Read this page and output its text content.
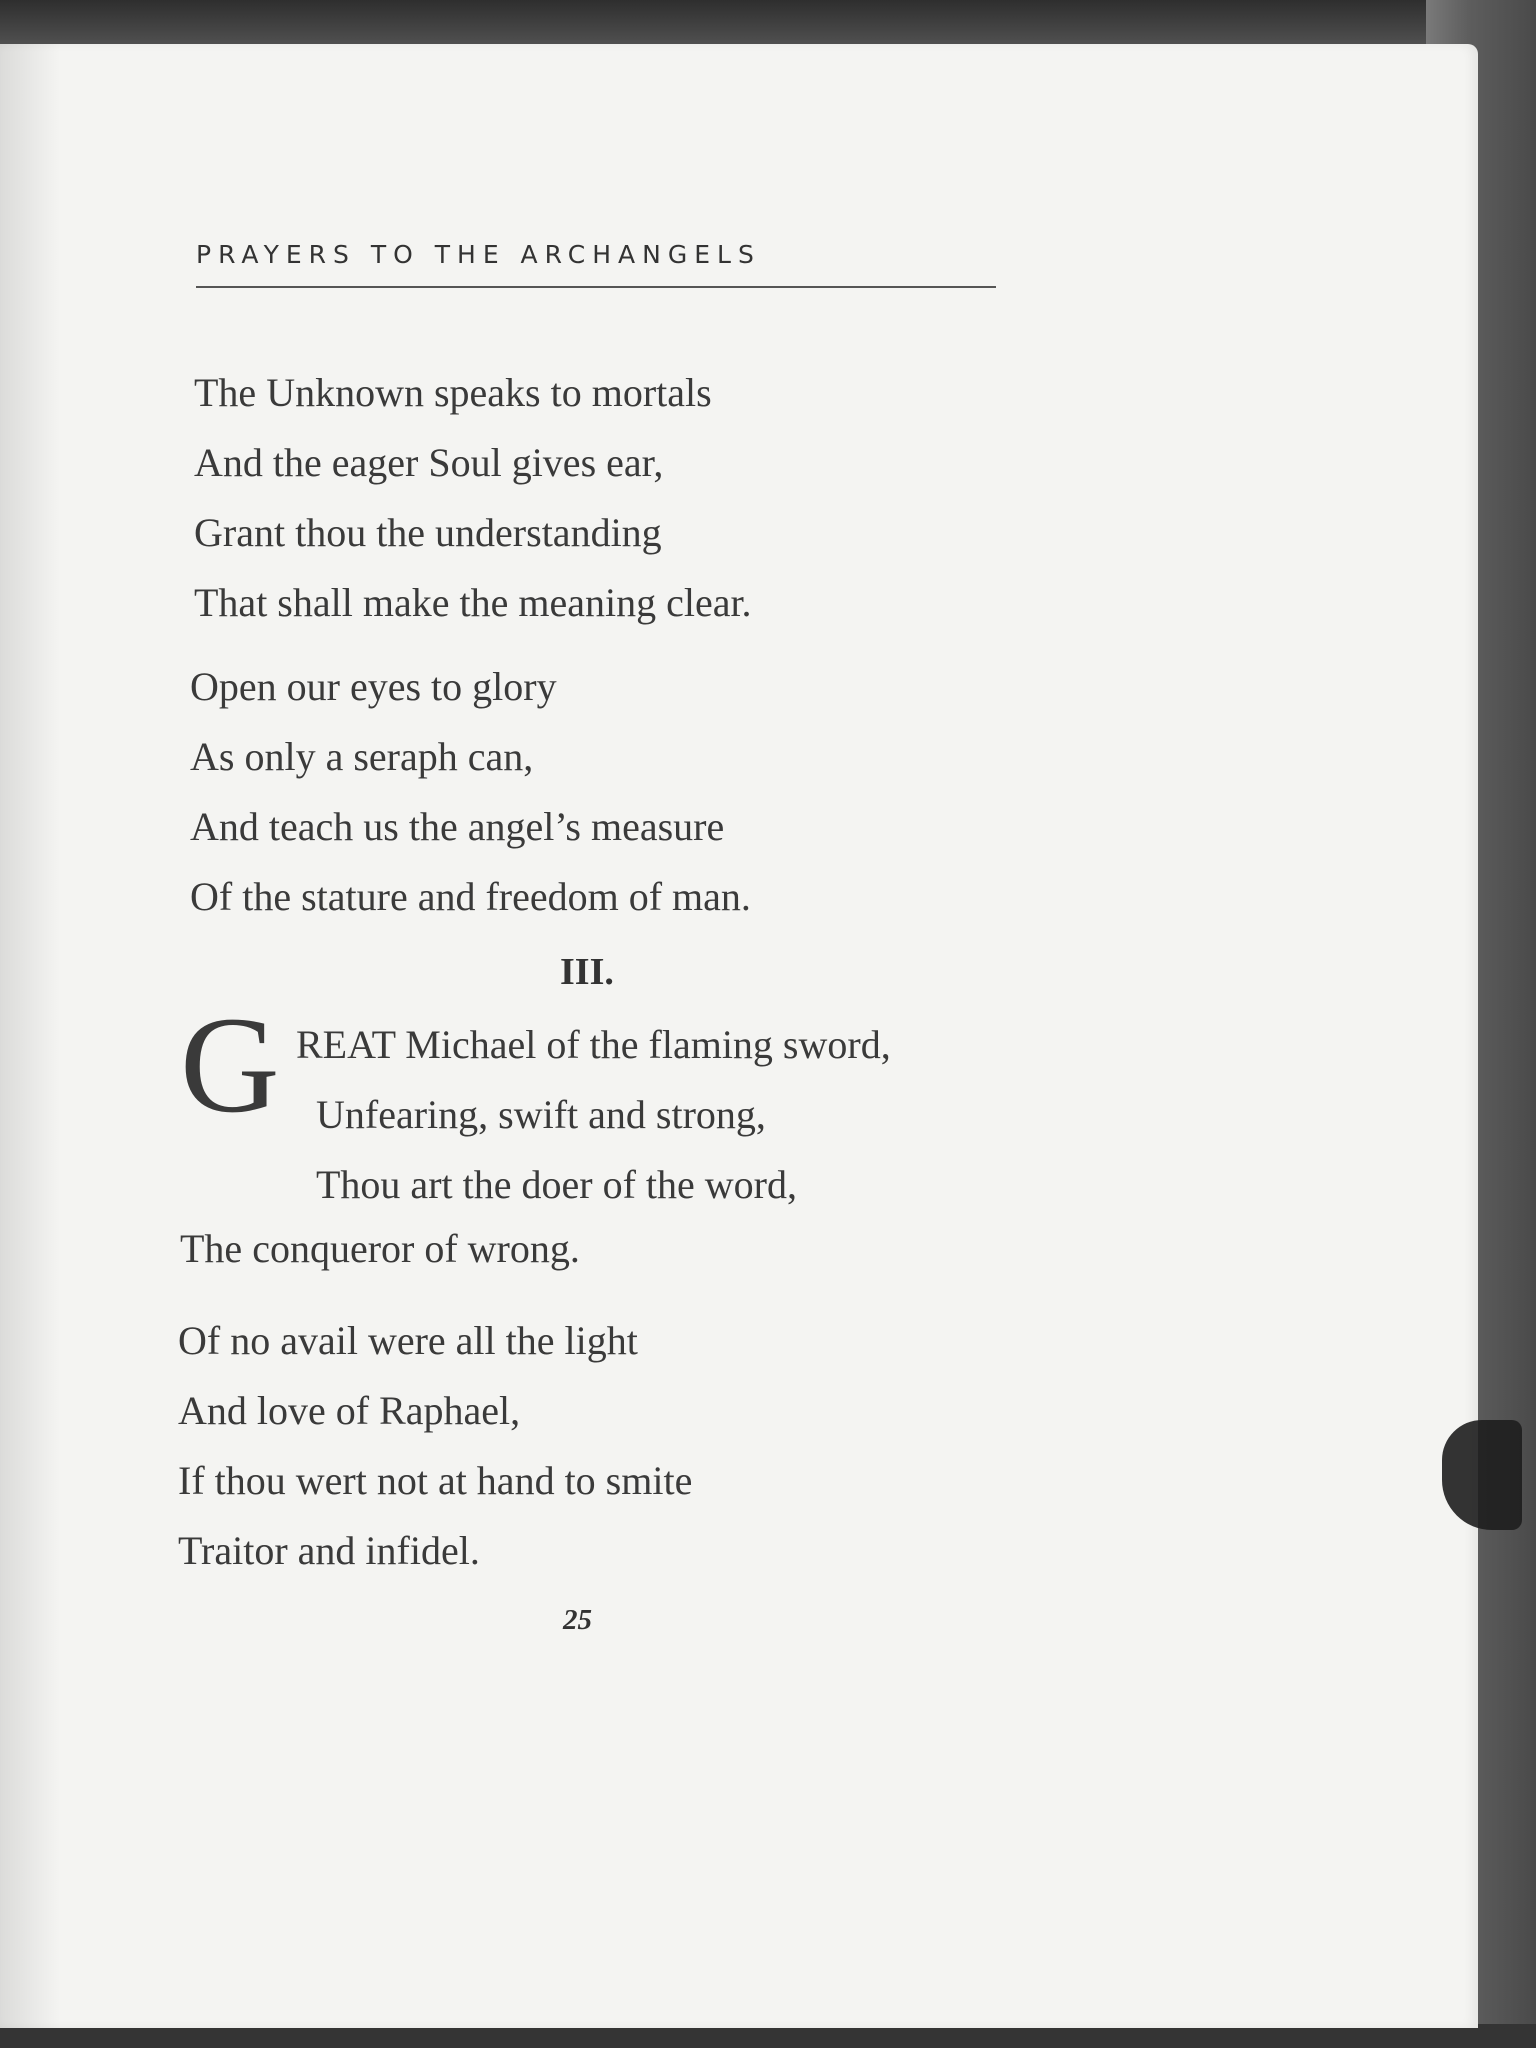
PRAYERS TO THE ARCHANGELS
The Unknown speaks to mortals
And the eager Soul gives ear,
Grant thou the understanding
That shall make the meaning clear.
Open our eyes to glory
As only a seraph can,
And teach us the angel’s measure
Of the stature and freedom of man.
III.
G REAT Michael of the flaming sword,
Unfearing, swift and strong,
Thou art the doer of the word,
The conqueror of wrong.
Of no avail were all the light
And love of Raphael,
If thou wert not at hand to smite
Traitor and infidel.
25
